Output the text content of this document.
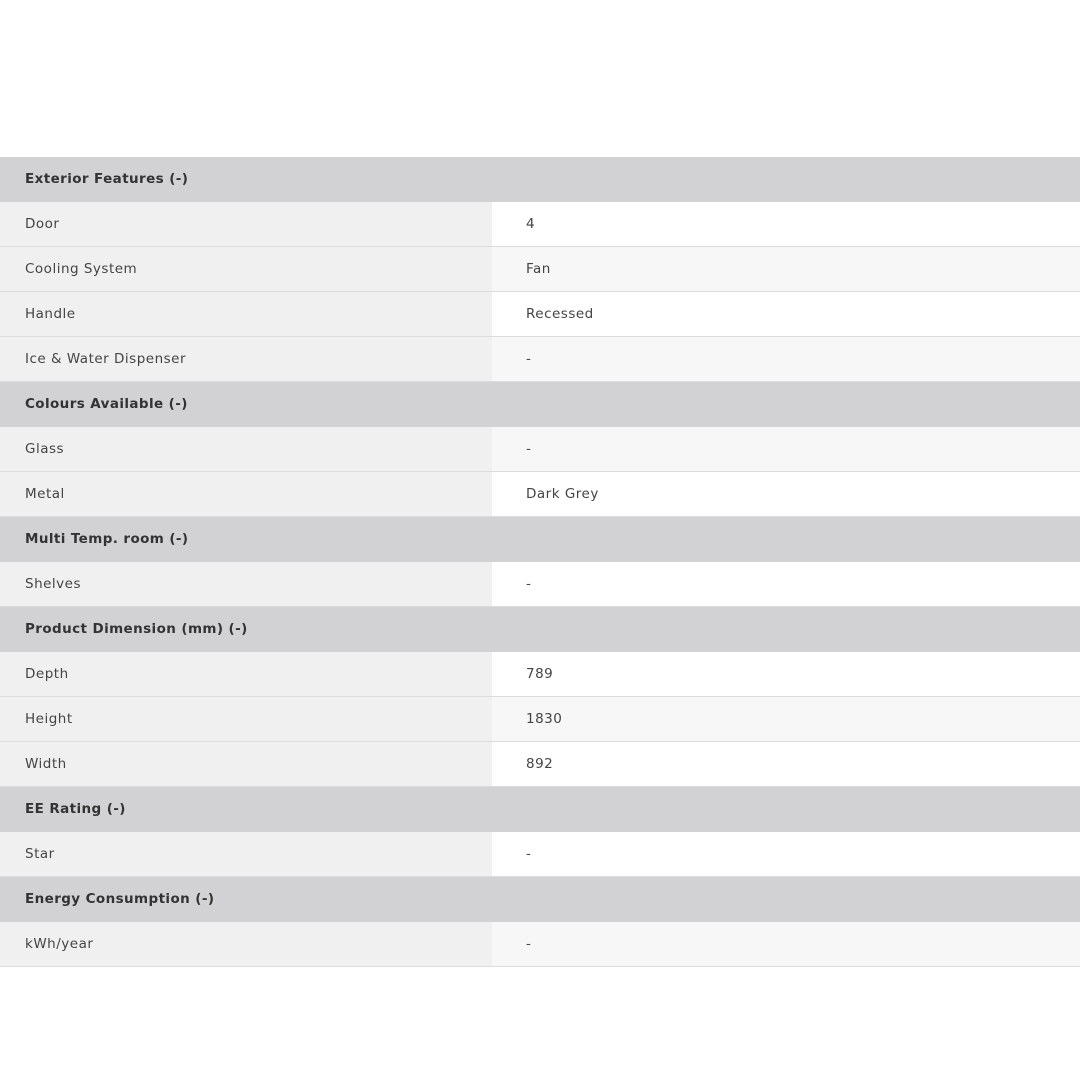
Exterior Features (-)
Door	4
Cooling System	Fan
Handle	Recessed
Ice & Water Dispenser	-
Colours Available (-)
Glass	-
Metal	Dark Grey
Multi Temp. room (-)
Shelves	-
Product Dimension (mm) (-)
Depth	789
Height	1830
Width	892
EE Rating (-)
Star	-
Energy Consumption (-)
kWh/year	-
